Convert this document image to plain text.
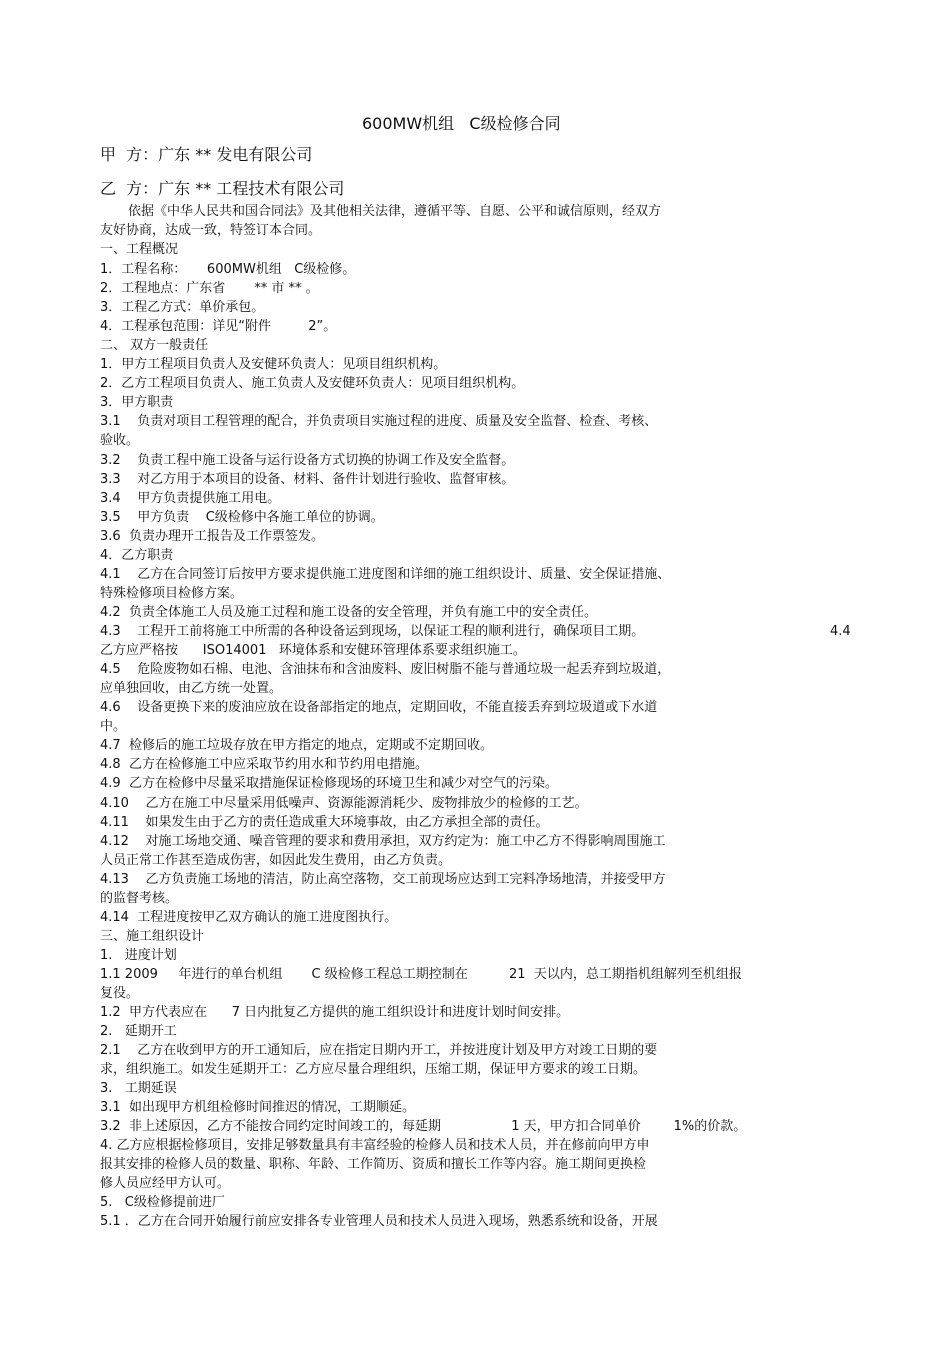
600MW机组   C级检修合同
甲  方：广东 ** 发电有限公司
乙  方：广东 ** 工程技术有限公司
依据《中华人民共和国合同法》及其他相关法律，遵循平等、自愿、公平和诚信原则，经双方
友好协商，达成一致，特签订本合同。
一、工程概况
1．工程名称：     600MW机组   C级检修。
2．工程地点：广东省       ** 市 ** 。
3．工程乙方式：单价承包。
4．工程承包范围：详见“附件         2”。
二、 双方一般责任
1．甲方工程项目负责人及安健环负责人：见项目组织机构。
2．乙方工程项目负责人、施工负责人及安健环负责人：见项目组织机构。
3．甲方职责
3.1    负责对项目工程管理的配合，并负责项目实施过程的进度、质量及安全监督、检查、考核、
验收。
3.2    负责工程中施工设备与运行设备方式切换的协调工作及安全监督。
3.3    对乙方用于本项目的设备、材料、备件计划进行验收、监督审核。
3.4    甲方负责提供施工用电。
3.5    甲方负责    C级检修中各施工单位的协调。
3.6  负责办理开工报告及工作票签发。
4．乙方职责
4.1    乙方在合同签订后按甲方要求提供施工进度图和详细的施工组织设计、质量、安全保证措施、
特殊检修项目检修方案。
4.2  负责全体施工人员及施工过程和施工设备的安全管理，并负有施工中的安全责任。
4.3    工程开工前将施工中所需的各种设备运到现场，以保证工程的顺利进行，确保项目工期。	4.4
乙方应严格按      ISO14001   环境体系和安健环管理体系要求组织施工。
4.5    危险废物如石棉、电池、含油抹布和含油废料、废旧树脂不能与普通垃圾一起丢弃到垃圾道，
应单独回收，由乙方统一处置。
4.6    设备更换下来的废油应放在设备部指定的地点，定期回收，不能直接丢弃到垃圾道或下水道
中。
4.7  检修后的施工垃圾存放在甲方指定的地点，定期或不定期回收。
4.8  乙方在检修施工中应采取节约用水和节约用电措施。
4.9  乙方在检修中尽量采取措施保证检修现场的环境卫生和减少对空气的污染。
4.10    乙方在施工中尽量采用低噪声、资源能源消耗少、废物排放少的检修的工艺。
4.11    如果发生由于乙方的责任造成重大环境事故，由乙方承担全部的责任。
4.12    对施工场地交通、噪音管理的要求和费用承担，双方约定为：施工中乙方不得影响周围施工
人员正常工作甚至造成伤害，如因此发生费用，由乙方负责。
4.13    乙方负责施工场地的清洁，防止高空落物，交工前现场应达到工完料净场地清，并接受甲方
的监督考核。
4.14  工程进度按甲乙双方确认的施工进度图执行。
三、施工组织设计
1.   进度计划
1.1 2009     年进行的单台机组       C 级检修工程总工期控制在          21  天以内，总工期指机组解列至机组报
复役。
1.2  甲方代表应在      7 日内批复乙方提供的施工组织设计和进度计划时间安排。
2.   延期开工
2.1    乙方在收到甲方的开工通知后，应在指定日期内开工，并按进度计划及甲方对竣工日期的要
求，组织施工。如发生延期开工：乙方应尽量合理组织，压缩工期，保证甲方要求的竣工日期。
3.   工期延误
3.1  如出现甲方机组检修时间推迟的情况，工期顺延。
3.2  非上述原因，乙方不能按合同约定时间竣工的，每延期                 1 天，甲方扣合同单价        1%的价款。
4. 乙方应根据检修项目，安排足够数量具有丰富经验的检修人员和技术人员，并在修前向甲方申
报其安排的检修人员的数量、职称、年龄、工作简历、资质和擅长工作等内容。施工期间更换检
修人员应经甲方认可。
5.   C级检修提前进厂
5.1 ．乙方在合同开始履行前应安排各专业管理人员和技术人员进入现场，熟悉系统和设备，开展
